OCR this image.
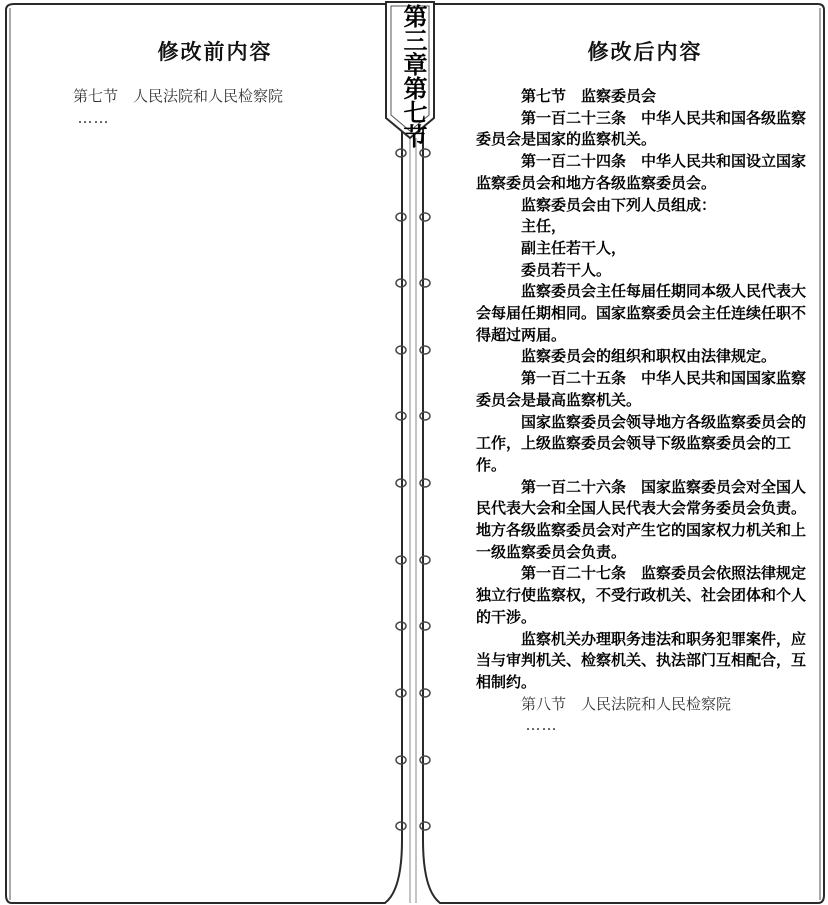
第三章第七节
修改前内容	修改后内容

第七节　人民法院和人民检察院

……

第七节　监察委员会

第一百二十三条　中华人民共和国各级监察委员会是国家的监察机关。

第一百二十四条　中华人民共和国设立国家监察委员会和地方各级监察委员会。

监察委员会由下列人员组成：

主任，

副主任若干人，

委员若干人。

监察委员会主任每届任期同本级人民代表大会每届任期相同。国家监察委员会主任连续任职不得超过两届。

监察委员会的组织和职权由法律规定。

第一百二十五条　中华人民共和国国家监察委员会是最高监察机关。

国家监察委员会领导地方各级监察委员会的工作，上级监察委员会领导下级监察委员会的工作。

第一百二十六条　国家监察委员会对全国人民代表大会和全国人民代表大会常务委员会负责。地方各级监察委员会对产生它的国家权力机关和上一级监察委员会负责。

第一百二十七条　监察委员会依照法律规定独立行使监察权，不受行政机关、社会团体和个人的干涉。

监察机关办理职务违法和职务犯罪案件，应当与审判机关、检察机关、执法部门互相配合，互相制约。

第八节　人民法院和人民检察院

……
